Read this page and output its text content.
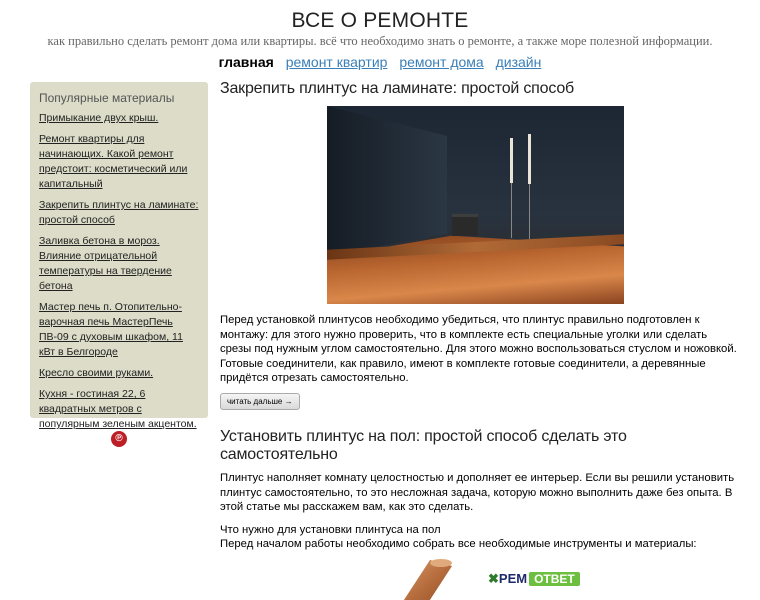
ВСЕ О РЕМОНТЕ
как правильно сделать ремонт дома или квартиры. всё что необходимо знать о ремонте, а также море полезной информации.
главная ремонт квартир ремонт дома дизайн
Популярные материалы
Примыкание двух крыш.
Ремонт квартиры для начинающих. Какой ремонт предстоит: косметический или капитальный
Закрепить плинтус на ламинате: простой способ
Заливка бетона в мороз. Влияние отрицательной температуры на твердение бетона
Мастер печь п. Отопительно-варочная печь МастерПечь ПВ-09 с духовым шкафом, 11 кВт в Белгороде
Кресло своими руками.
Кухня - гостиная 22, 6 квадратных метров с популярным зеленым акцентом.
℗
Закрепить плинтус на ламинате: простой способ

Перед установкой плинтусов необходимо убедиться, что плинтус правильно подготовлен к монтажу: для этого нужно проверить, что в комплекте есть специальные уголки или сделать срезы под нужным углом самостоятельно. Для этого можно воспользоваться стуслом и ножовкой. Готовые соединители, как правило, имеют в комплекте готовые соединители, а деревянные придётся отрезать самостоятельно.

читать дальше →
Установить плинтус на пол: простой способ сделать это самостоятельно

Плинтус наполняет комнату целостностью и дополняет ее интерьер. Если вы решили установить плинтус самостоятельно, то это несложная задача, которую можно выполнить даже без опыта. В этой статье мы расскажем вам, как это сделать.

Что нужно для установки плинтуса на пол

Перед началом работы необходимо собрать все необходимые инструменты и материалы:

✖РЕМ ОТВЕТ
